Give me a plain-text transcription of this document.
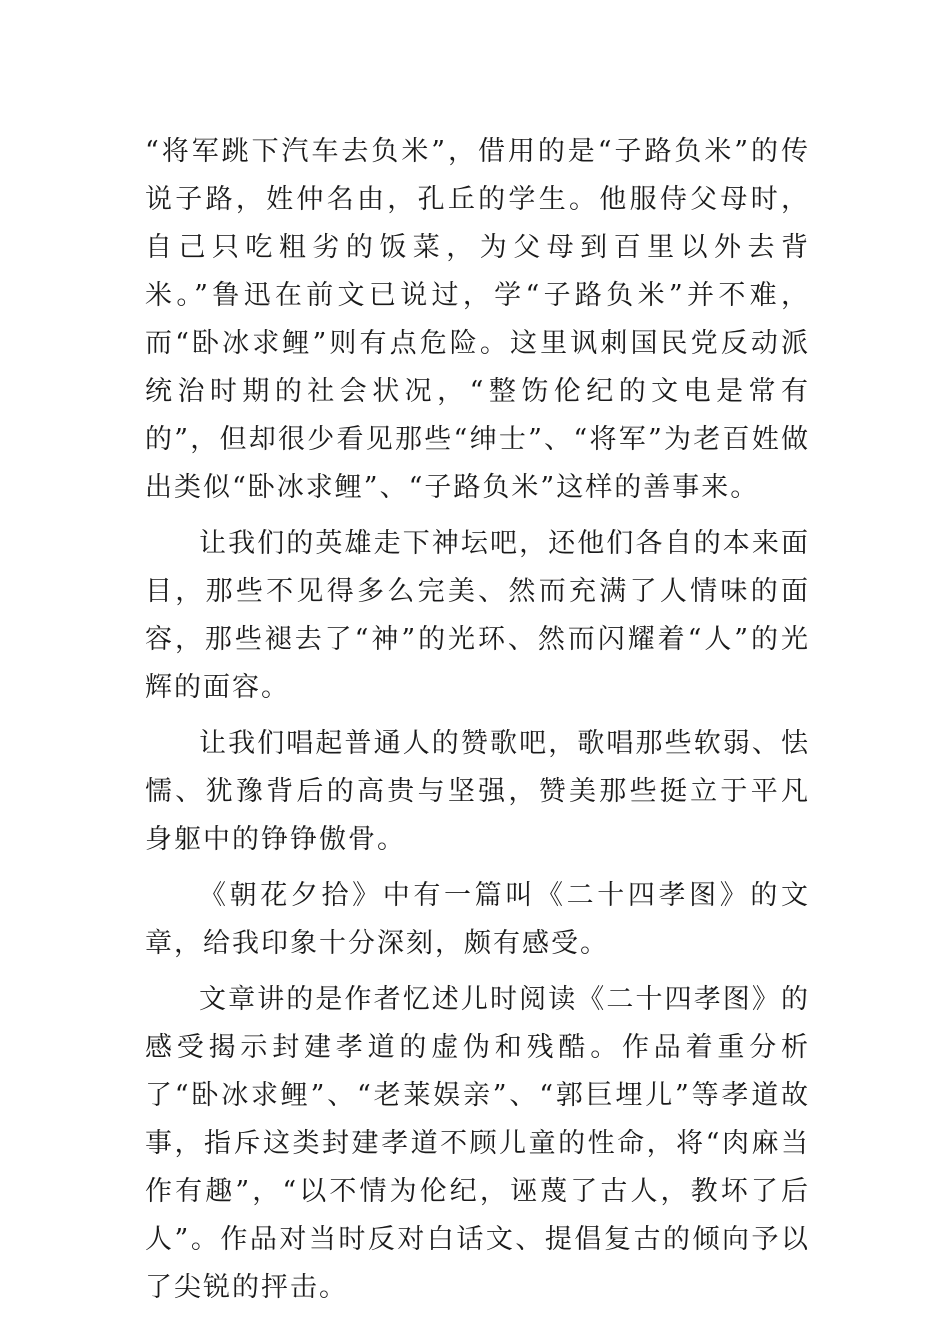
“将军跳下汽车去负米”，借用的是“子路负米”的传说子路，姓仲名由，孔丘的学生。他服侍父母时，自己只吃粗劣的饭菜，为父母到百里以外去背米。”鲁迅在前文已说过，学“子路负米”并不难，而“卧冰求鲤”则有点危险。这里讽刺国民党反动派统治时期的社会状况，“整饬伦纪的文电是常有的”，但却很少看见那些“绅士”、“将军”为老百姓做出类似“卧冰求鲤”、“子路负米”这样的善事来。

让我们的英雄走下神坛吧，还他们各自的本来面目，那些不见得多么完美、然而充满了人情味的面容，那些褪去了“神”的光环、然而闪耀着“人”的光辉的面容。

让我们唱起普通人的赞歌吧，歌唱那些软弱、怯懦、犹豫背后的高贵与坚强，赞美那些挺立于平凡身躯中的铮铮傲骨。

《朝花夕拾》中有一篇叫《二十四孝图》的文章，给我印象十分深刻，颇有感受。

文章讲的是作者忆述儿时阅读《二十四孝图》的感受揭示封建孝道的虚伪和残酷。作品着重分析了“卧冰求鲤”、“老莱娱亲”、“郭巨埋儿”等孝道故事，指斥这类封建孝道不顾儿童的性命，将“肉麻当作有趣”，“以不情为伦纪，诬蔑了古人，教坏了后人”。作品对当时反对白话文、提倡复古的倾向予以了尖锐的抨击。
